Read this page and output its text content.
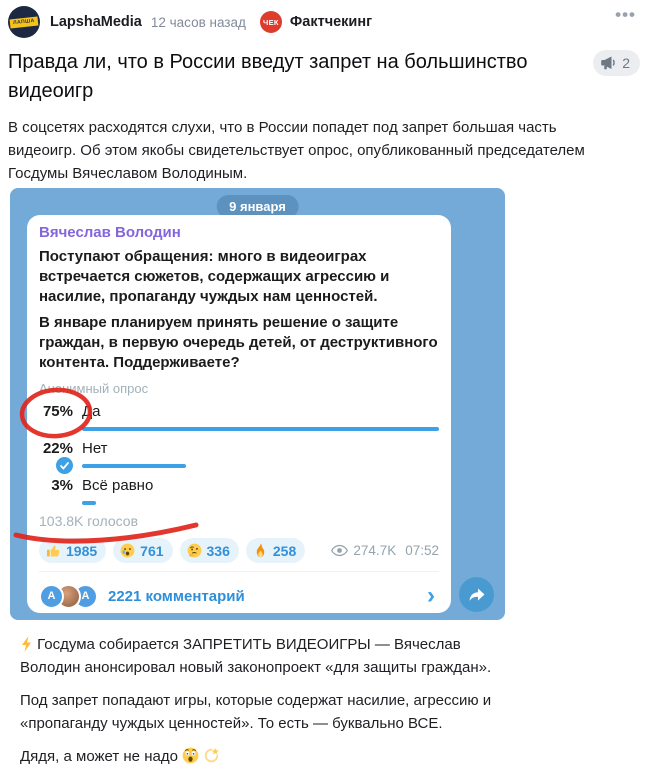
ЛАПША LapshaMedia 12 часов назад	ЧЕК Фактчекинг	•••
Правда ли, что в России введут запрет на большинство видеоигр
2
В соцсетях расходятся слухи, что в России попадет под запрет большая часть видеоигр. Об этом якобы свидетельствует опрос, опубликованный председателем Госдумы Вячеславом Володиным.
9 января
Вячеслав Володин
Поступают обращения: много в видеоиграх встречается сюжетов, содержащих агрессию и насилие, пропаганду чуждых нам ценностей.
В январе планируем принять решение о защите граждан, в первую очередь детей, от деструктивного контента. Поддерживаете?
Анонимный опрос
75% Да
22% Нет
3% Всё равно
103.8K голосов
1985	761	336	258	274.7K 07:52
A	A	2221 комментарий	›
Госдума собирается ЗАПРЕТИТЬ ВИДЕОИГРЫ — Вячеслав Володин анонсировал новый законопроект «для защиты граждан».
Под запрет попадают игры, которые содержат насилие, агрессию и «пропаганду чуждых ценностей». То есть — буквально ВСЕ.
Дядя, а может не надо
